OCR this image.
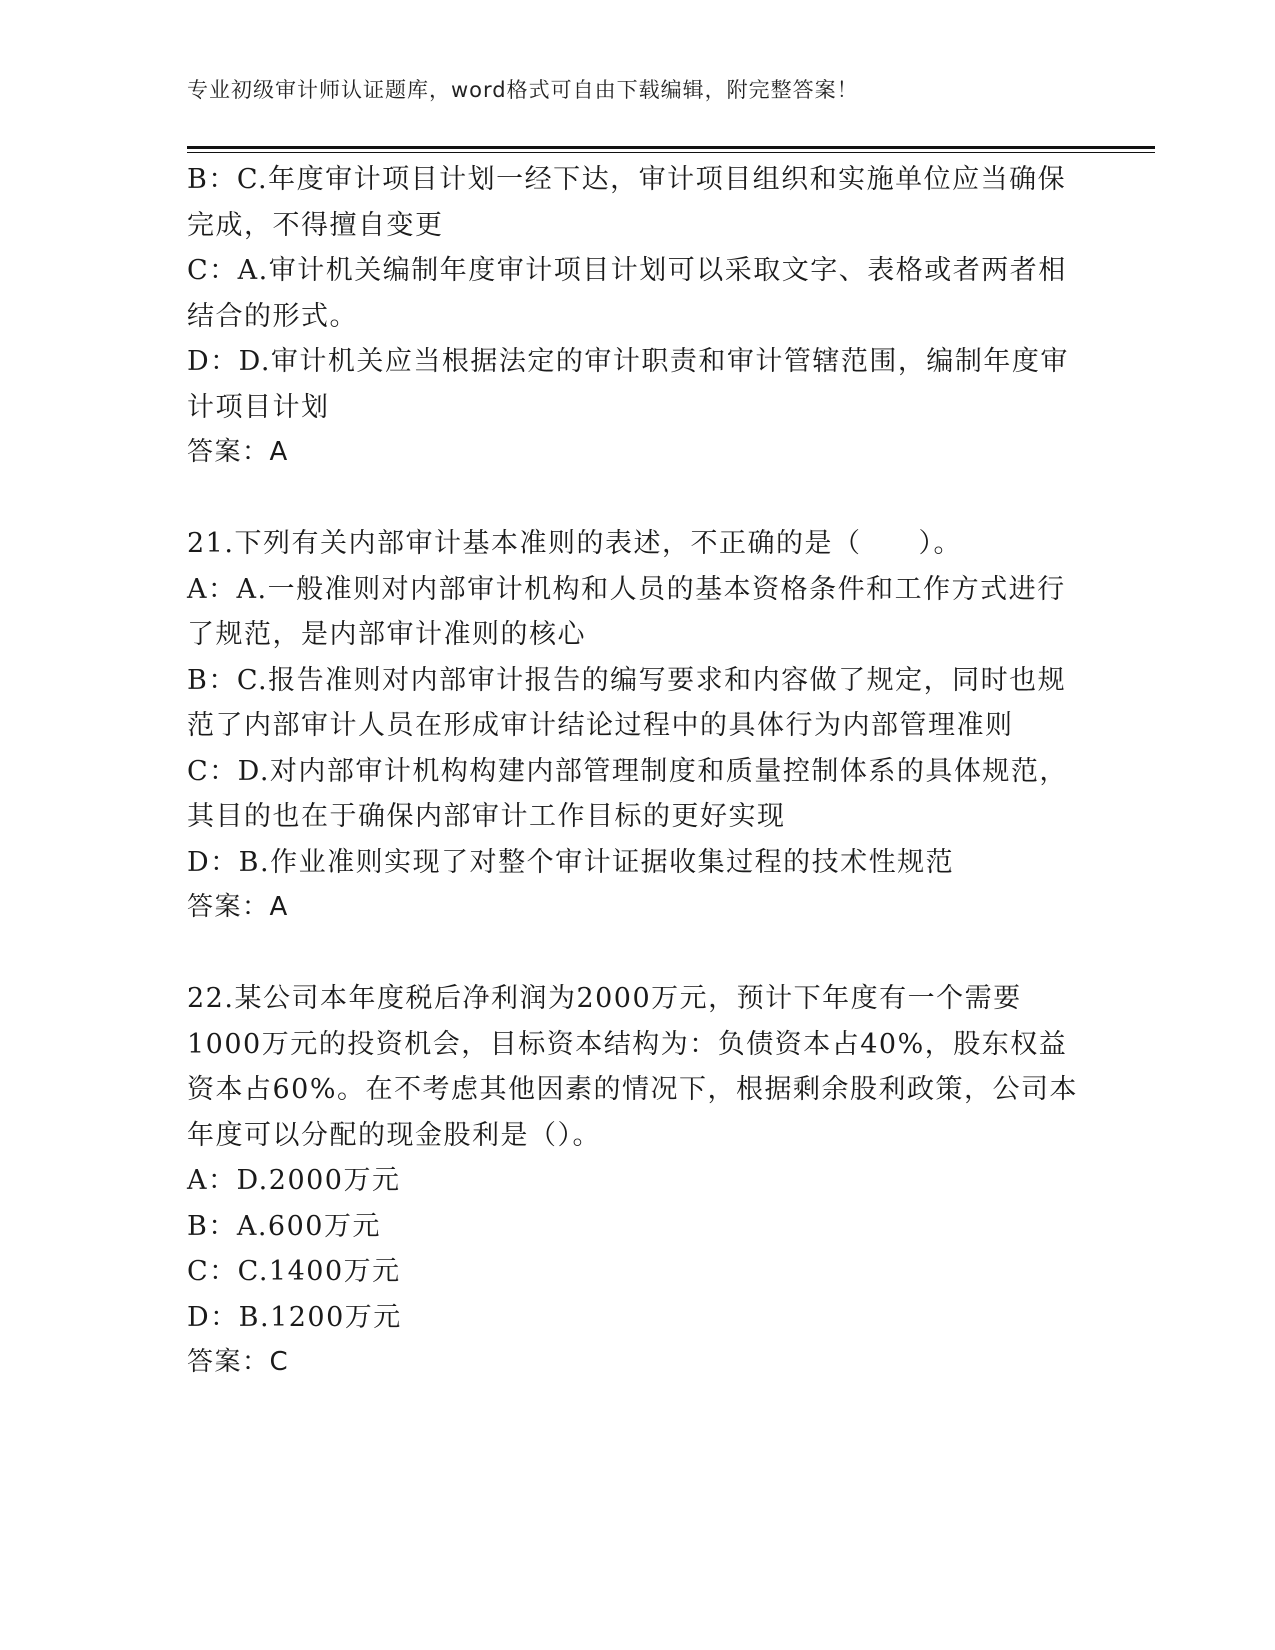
专业初级审计师认证题库，word格式可自由下载编辑，附完整答案！
B：C.年度审计项目计划一经下达，审计项目组织和实施单位应当确保
完成，不得擅自变更
C：A.审计机关编制年度审计项目计划可以采取文字、表格或者两者相
结合的形式。
D：D.审计机关应当根据法定的审计职责和审计管辖范围，编制年度审
计项目计划
答案：A
21.下列有关内部审计基本准则的表述，不正确的是（　　）。
A：A.一般准则对内部审计机构和人员的基本资格条件和工作方式进行
了规范，是内部审计准则的核心
B：C.报告准则对内部审计报告的编写要求和内容做了规定，同时也规
范了内部审计人员在形成审计结论过程中的具体行为内部管理准则
C：D.对内部审计机构构建内部管理制度和质量控制体系的具体规范，
其目的也在于确保内部审计工作目标的更好实现
D：B.作业准则实现了对整个审计证据收集过程的技术性规范
答案：A
22.某公司本年度税后净利润为2000万元，预计下年度有一个需要
1000万元的投资机会，目标资本结构为：负债资本占40%，股东权益
资本占60%。在不考虑其他因素的情况下，根据剩余股利政策，公司本
年度可以分配的现金股利是（）。
A：D.2000万元
B：A.600万元
C：C.1400万元
D：B.1200万元
答案：C
